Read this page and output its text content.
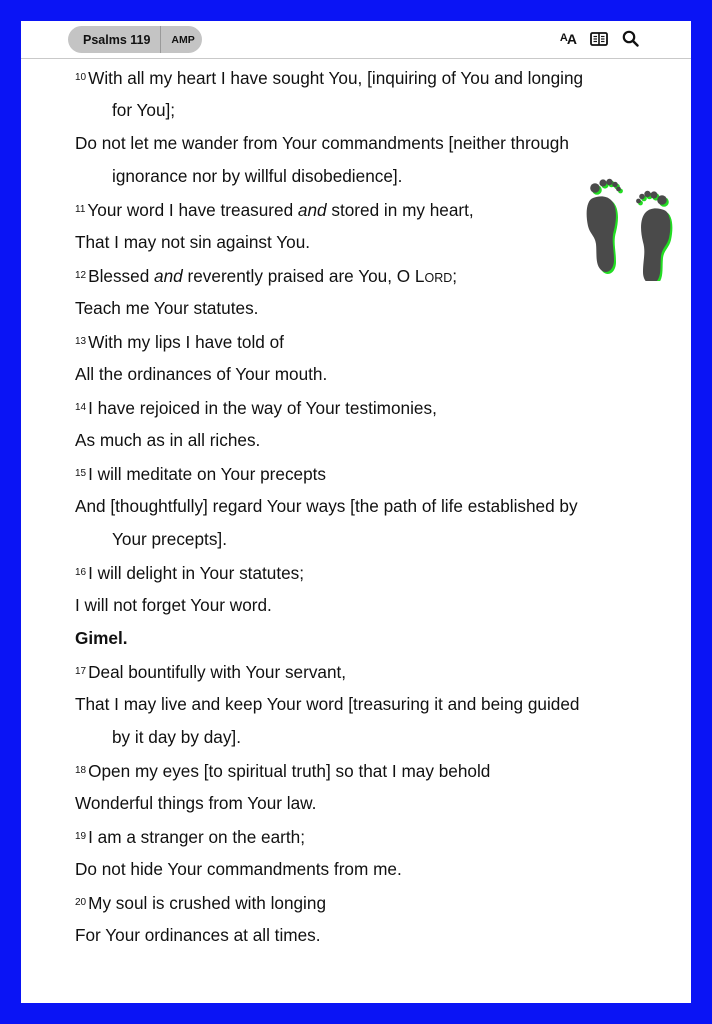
Psalms 119	AMP	A A
$^{10}$ With all my heart I have sought You, [inquiring of You and longing
for You];
Do not let me wander from Your commandments [neither through
ignorance nor by willful disobedience].
$^{11}$ Your word I have treasured and stored in my heart,
That I may not sin against You.
$^{12}$ Blessed and reverently praised are You, O LORD;
Teach me Your statutes.
$^{13}$ With my lips I have told of
All the ordinances of Your mouth.
$^{14}$ I have rejoiced in the way of Your testimonies,
As much as in all riches.
$^{15}$ I will meditate on Your precepts
And [thoughtfully] regard Your ways [the path of life established by
Your precepts].
$^{16}$ I will delight in Your statutes;
I will not forget Your word.
Gimel.
$^{17}$ Deal bountifully with Your servant,
That I may live and keep Your word [treasuring it and being guided
by it day by day].
$^{18}$ Open my eyes [to spiritual truth] so that I may behold
Wonderful things from Your law.
$^{19}$ I am a stranger on the earth;
Do not hide Your commandments from me.
$^{20}$ My soul is crushed with longing
For Your ordinances at all times.
